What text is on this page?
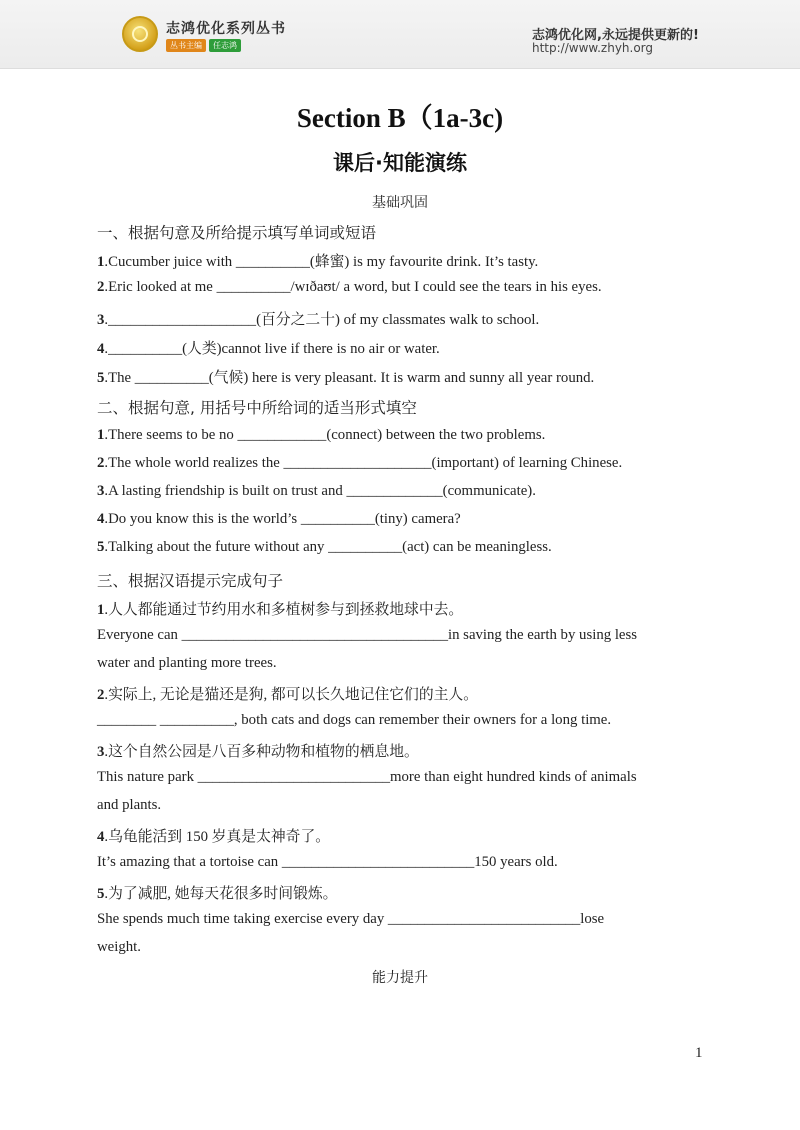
志鸿优化系列丛书
丛书主编	任志鸿
志鸿优化网,永远提供更新的!
http://www.zhyh.org
Section B（1a-3c)
课后·知能演练
基础巩固
一、根据句意及所给提示填写单词或短语
1.Cucumber juice with __________(蜂蜜) is my favourite drink. It’s tasty.
2.Eric looked at me __________/wɪðaʊt/ a word, but I could see the tears in his eyes.
3.____________________(百分之二十) of my classmates walk to school.
4.__________(人类)cannot live if there is no air or water.
5.The __________(气候) here is very pleasant. It is warm and sunny all year round.
二、根据句意, 用括号中所给词的适当形式填空
1.There seems to be no ____________(connect) between the two problems.
2.The whole world realizes the ____________________(important) of learning Chinese.
3.A lasting friendship is built on trust and _____________(communicate).
4.Do you know this is the world’s __________(tiny) camera?
5.Talking about the future without any __________(act) can be meaningless.
三、根据汉语提示完成句子
1.人人都能通过节约用水和多植树参与到拯救地球中去。
Everyone can ____________________________________in saving the earth by using less
water and planting more trees.
2.实际上, 无论是猫还是狗, 都可以长久地记住它们的主人。
________ __________, both cats and dogs can remember their owners for a long time.
3.这个自然公园是八百多种动物和植物的栖息地。
This nature park __________________________more than eight hundred kinds of animals
and plants.
4.乌龟能活到 150 岁真是太神奇了。
It’s amazing that a tortoise can __________________________150 years old.
5.为了减肥, 她每天花很多时间锻炼。
She spends much time taking exercise every day __________________________lose
weight.
能力提升
1
